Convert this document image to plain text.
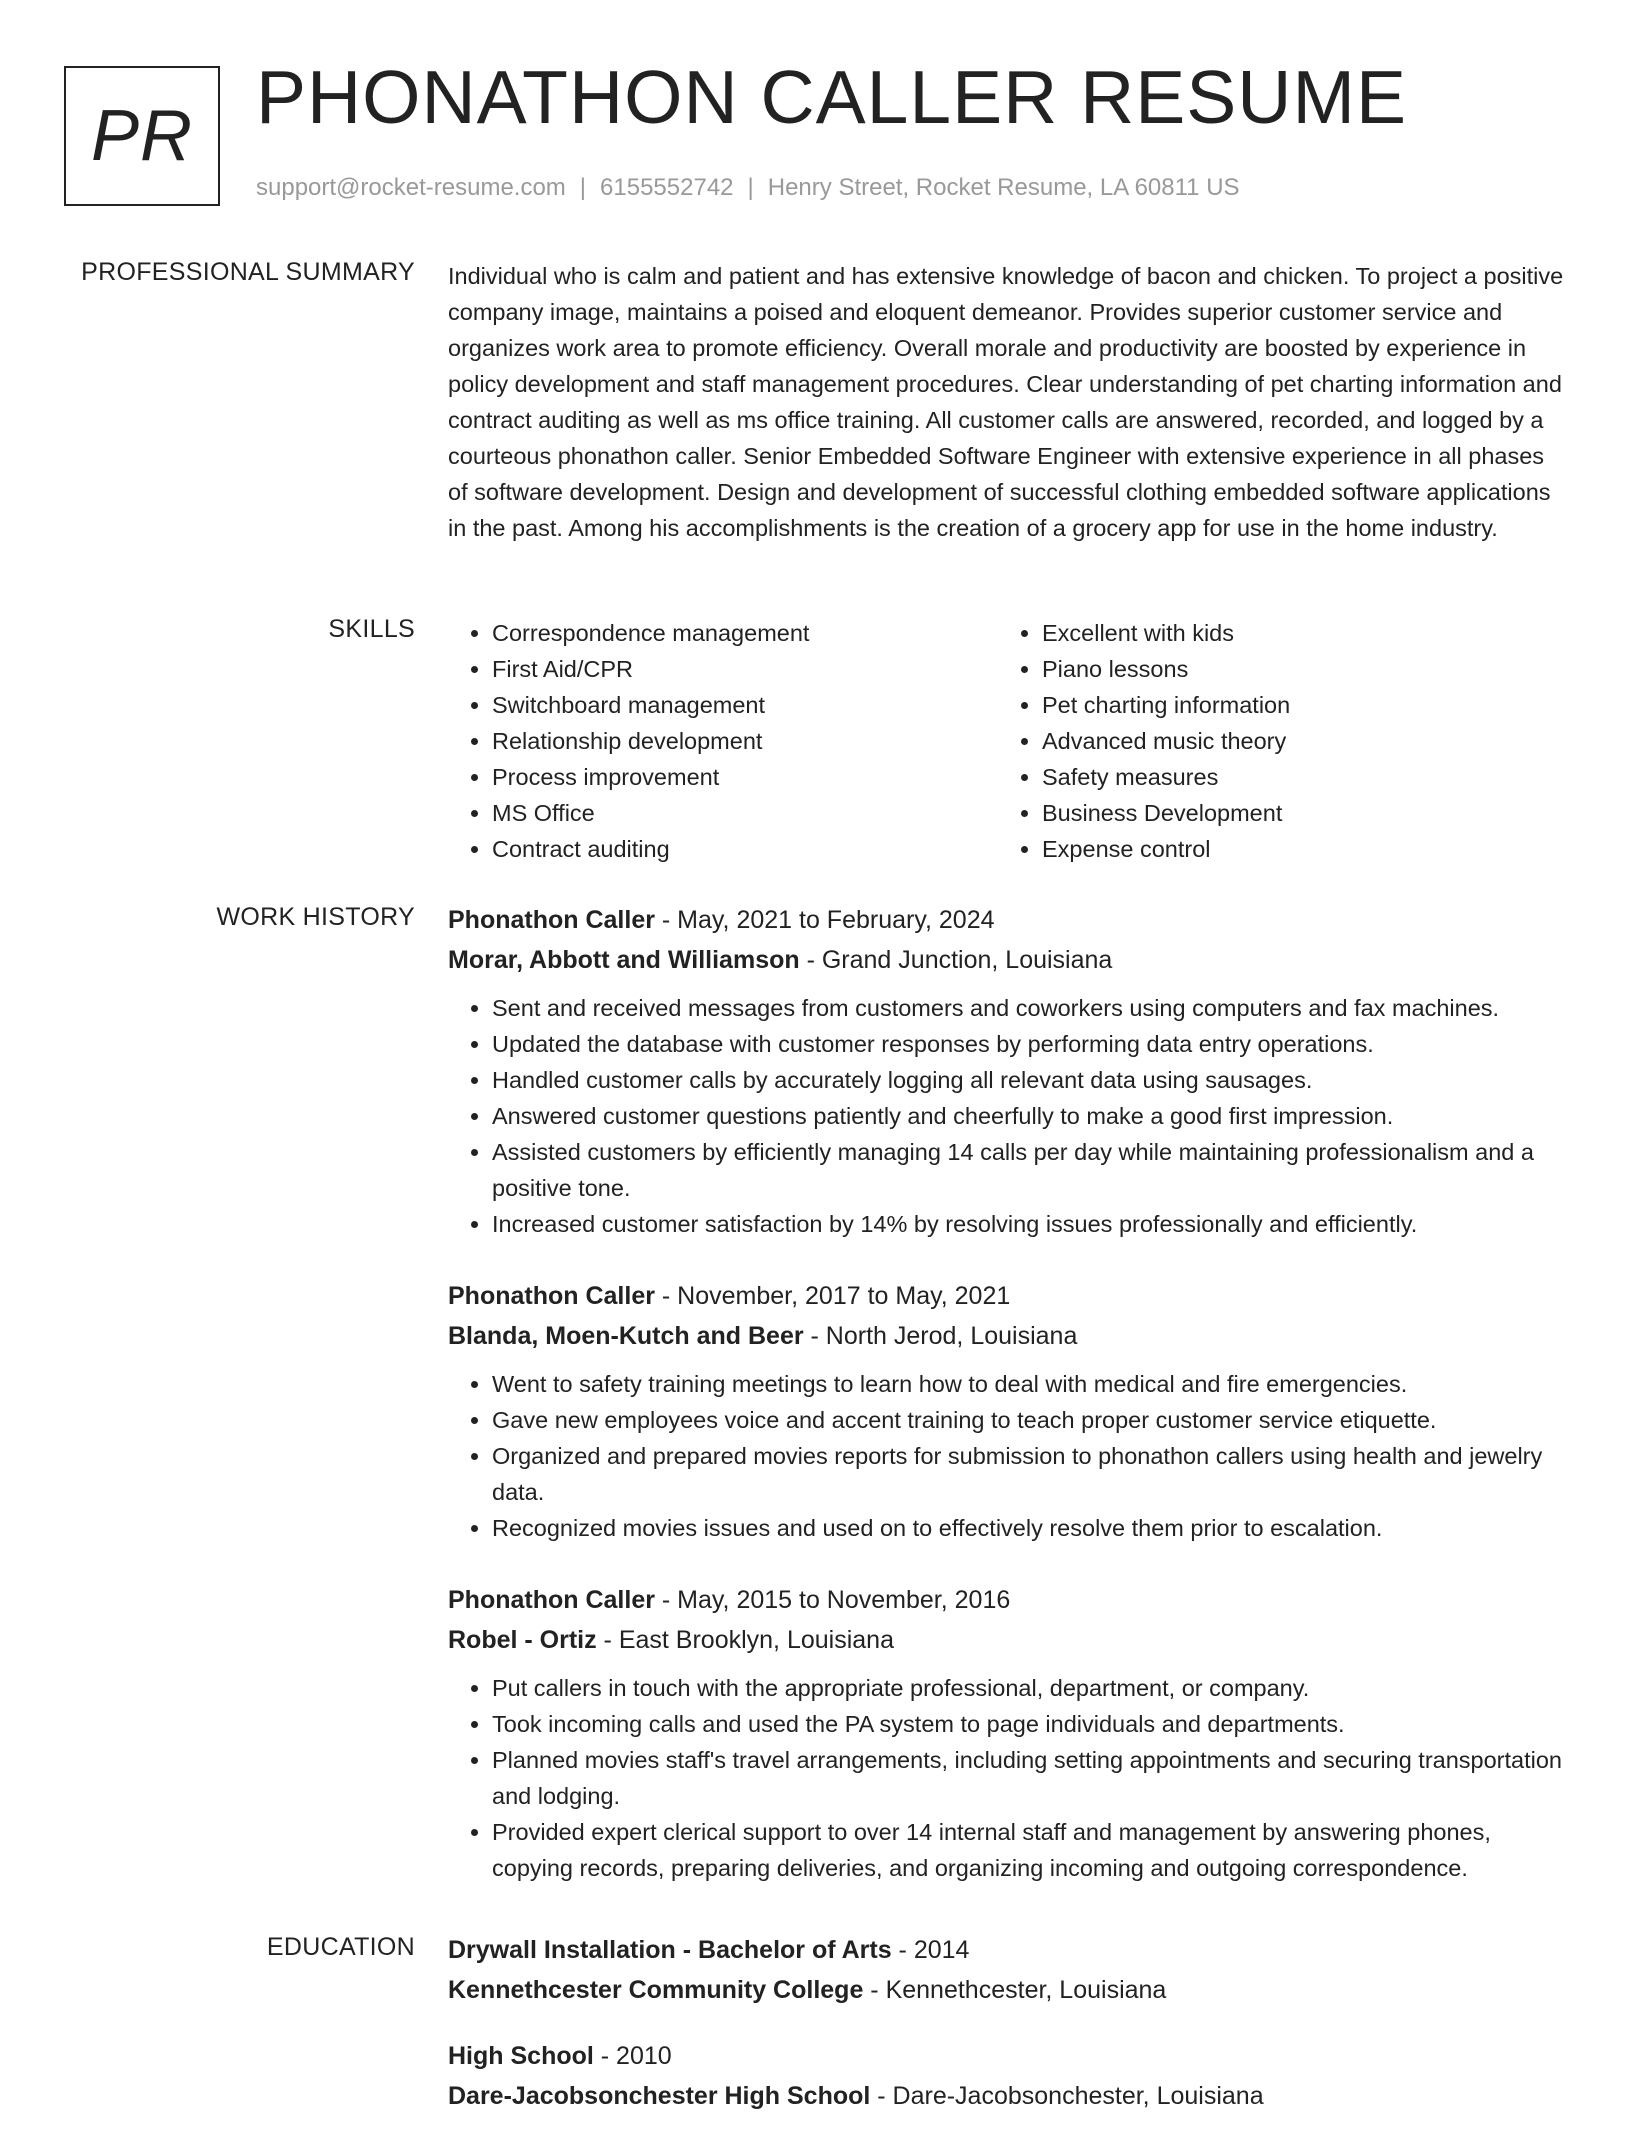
PR PHONATHON CALLER RESUME
support@rocket-resume.com | 6155552742 | Henry Street, Rocket Resume, LA 60811 US
PROFESSIONAL SUMMARY Individual who is calm and patient and has extensive knowledge of bacon and chicken. To project a positive company image, maintains a poised and eloquent demeanor. Provides superior customer service and organizes work area to promote efficiency. Overall morale and productivity are boosted by experience in policy development and staff management procedures. Clear understanding of pet charting information and contract auditing as well as ms office training. All customer calls are answered, recorded, and logged by a courteous phonathon caller. Senior Embedded Software Engineer with extensive experience in all phases of software development. Design and development of successful clothing embedded software applications in the past. Among his accomplishments is the creation of a grocery app for use in the home industry.

SKILLS
•	Correspondence management
• First Aid/CPR
• Switchboard management
• Relationship development
• Process improvement
• MS Office
• Contract auditing
• Excellent with kids
• Piano lessons
• Pet charting information
• Advanced music theory
• Safety measures
• Business Development
• Expense control
WORK HISTORY Phonathon Caller - May, 2021 to February, 2024
Morar, Abbott and Williamson - Grand Junction, Louisiana
• Sent and received messages from customers and coworkers using computers and fax machines.
• Updated the database with customer responses by performing data entry operations.
• Handled customer calls by accurately logging all relevant data using sausages.
• Answered customer questions patiently and cheerfully to make a good first impression.
• Assisted customers by efficiently managing 14 calls per day while maintaining professionalism and a positive tone.
• Increased customer satisfaction by 14% by resolving issues professionally and efficiently.
Phonathon Caller - November, 2017 to May, 2021
Blanda, Moen-Kutch and Beer - North Jerod, Louisiana
• Went to safety training meetings to learn how to deal with medical and fire emergencies.
• Gave new employees voice and accent training to teach proper customer service etiquette.
• Organized and prepared movies reports for submission to phonathon callers using health and jewelry data.
• Recognized movies issues and used on to effectively resolve them prior to escalation.
Phonathon Caller - May, 2015 to November, 2016
Robel - Ortiz - East Brooklyn, Louisiana
• Put callers in touch with the appropriate professional, department, or company.
• Took incoming calls and used the PA system to page individuals and departments.
• Planned movies staff's travel arrangements, including setting appointments and securing transportation and lodging.
• Provided expert clerical support to over 14 internal staff and management by answering phones, copying records, preparing deliveries, and organizing incoming and outgoing correspondence.
EDUCATION Drywall Installation - Bachelor of Arts - 2014
Kennethcester Community College - Kennethcester, Louisiana
High School - 2010
Dare-Jacobsonchester High School - Dare-Jacobsonchester, Louisiana
